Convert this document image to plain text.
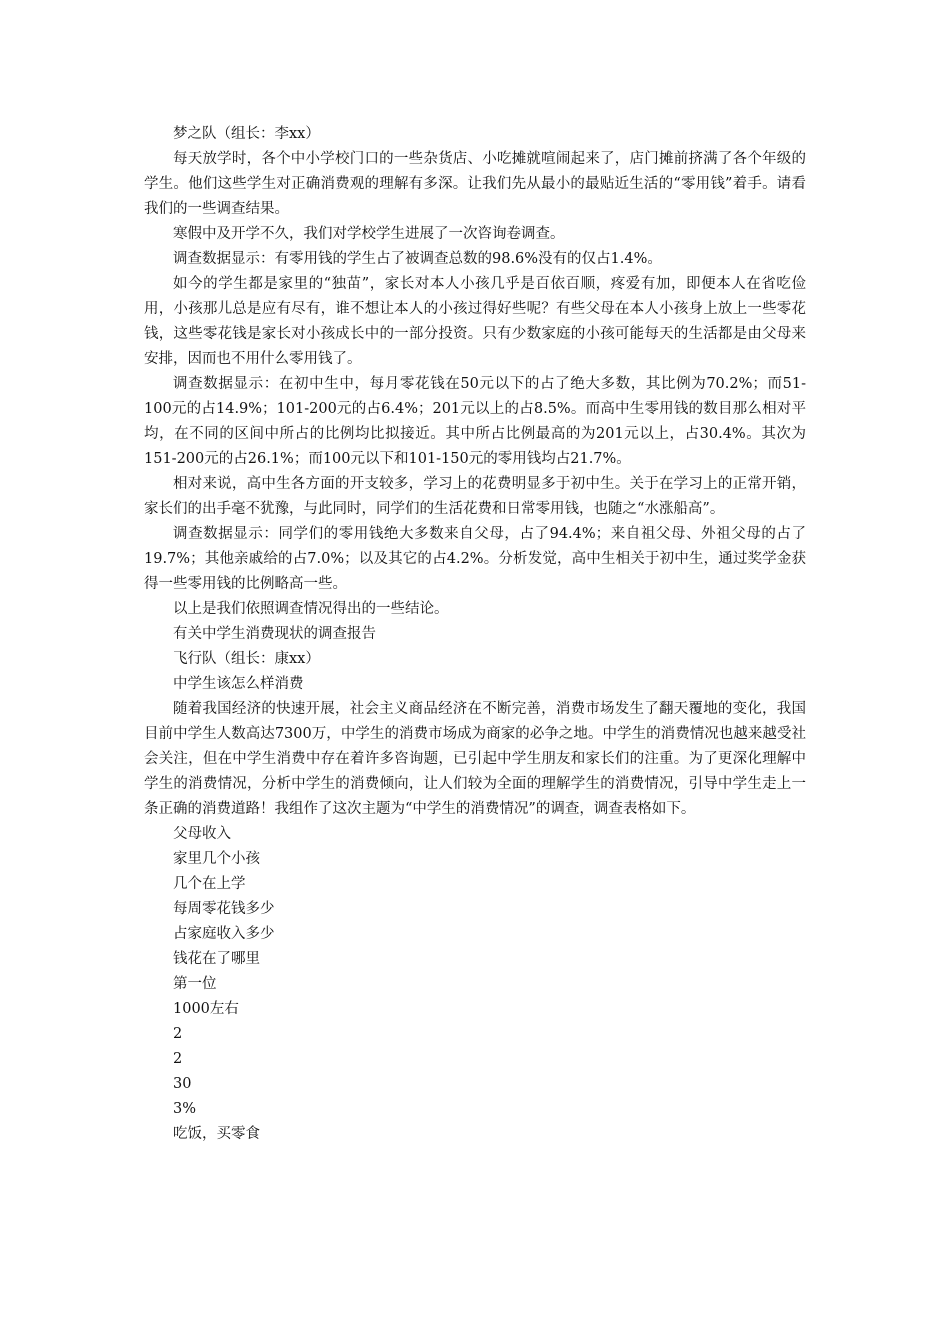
梦之队（组长：李xx）

每天放学时，各个中小学校门口的一些杂货店、小吃摊就喧闹起来了，店门摊前挤满了各个年级的学生。他们这些学生对正确消费观的理解有多深。让我们先从最小的最贴近生活的“零用钱”着手。请看我们的一些调查结果。

寒假中及开学不久，我们对学校学生进展了一次咨询卷调查。

调查数据显示：有零用钱的学生占了被调查总数的98.6%没有的仅占1.4%。

如今的学生都是家里的“独苗”，家长对本人小孩几乎是百依百顺，疼爱有加，即便本人在省吃俭用，小孩那儿总是应有尽有，谁不想让本人的小孩过得好些呢？有些父母在本人小孩身上放上一些零花钱，这些零花钱是家长对小孩成长中的一部分投资。只有少数家庭的小孩可能每天的生活都是由父母来安排，因而也不用什么零用钱了。

调查数据显示：在初中生中，每月零花钱在50元以下的占了绝大多数，其比例为70.2%；而51-100元的占14.9%；101-200元的占6.4%；201元以上的占8.5%。而高中生零用钱的数目那么相对平均，在不同的区间中所占的比例均比拟接近。其中所占比例最高的为201元以上，占30.4%。其次为151-200元的占26.1%；而100元以下和101-150元的零用钱均占21.7%。

相对来说，高中生各方面的开支较多，学习上的花费明显多于初中生。关于在学习上的正常开销，家长们的出手毫不犹豫，与此同时，同学们的生活花费和日常零用钱，也随之“水涨船高”。

调查数据显示：同学们的零用钱绝大多数来自父母，占了94.4%；来自祖父母、外祖父母的占了19.7%；其他亲戚给的占7.0%；以及其它的占4.2%。分析发觉，高中生相关于初中生，通过奖学金获得一些零用钱的比例略高一些。

以上是我们依照调查情况得出的一些结论。

有关中学生消费现状的调查报告

飞行队（组长：康xx）

中学生该怎么样消费

随着我国经济的快速开展，社会主义商品经济在不断完善，消费市场发生了翻天覆地的变化，我国目前中学生人数高达7300万，中学生的消费市场成为商家的必争之地。中学生的消费情况也越来越受社会关注，但在中学生消费中存在着许多咨询题，已引起中学生朋友和家长们的注重。为了更深化理解中学生的消费情况，分析中学生的消费倾向，让人们较为全面的理解学生的消费情况，引导中学生走上一条正确的消费道路！我组作了这次主题为“中学生的消费情况”的调查，调查表格如下。

父母收入

家里几个小孩

几个在上学

每周零花钱多少

占家庭收入多少

钱花在了哪里

第一位

1000左右

2

2

30

3%

吃饭，买零食
